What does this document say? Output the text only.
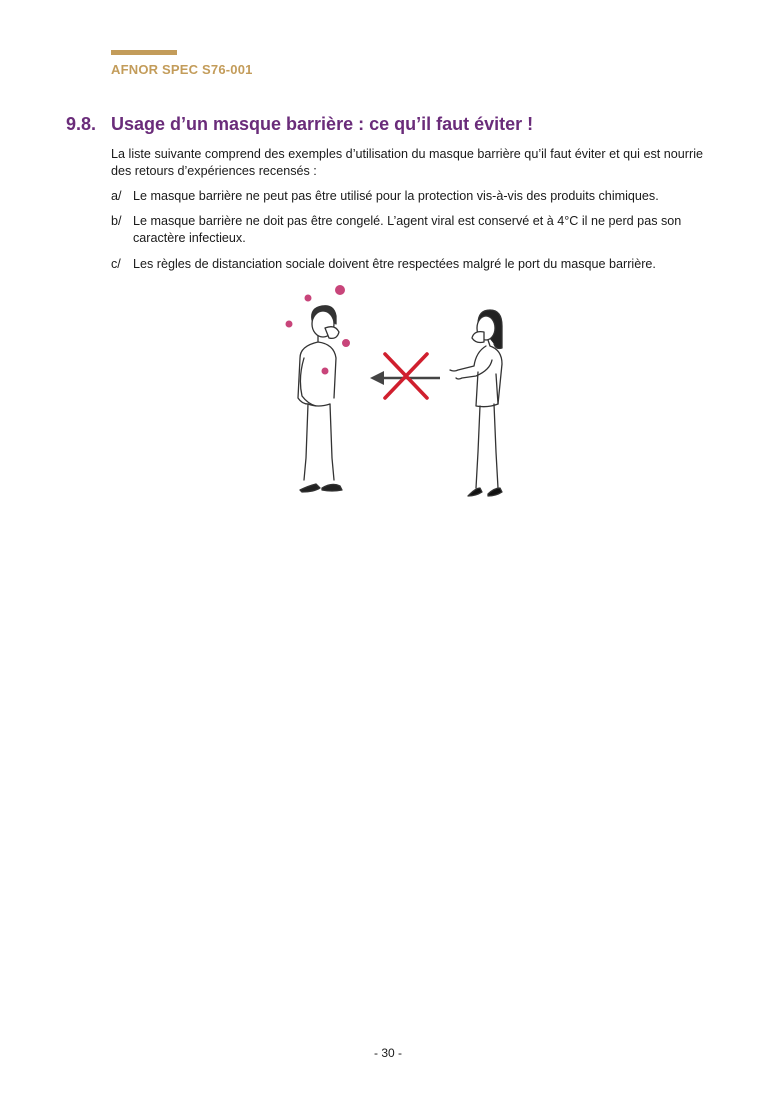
AFNOR SPEC S76-001
9.8. Usage d’un masque barrière : ce qu’il faut éviter !
La liste suivante comprend des exemples d’utilisation du masque barrière qu’il faut éviter et qui est nourrie des retours d’expériences recensés :
a/ Le masque barrière ne peut pas être utilisé pour la protection vis-à-vis des produits chimiques.
b/ Le masque barrière ne doit pas être congelé. L’agent viral est conservé et à 4°C il ne perd pas son caractère infectieux.
c/ Les règles de distanciation sociale doivent être respectées malgré le port du masque barrière.
- 30 -
